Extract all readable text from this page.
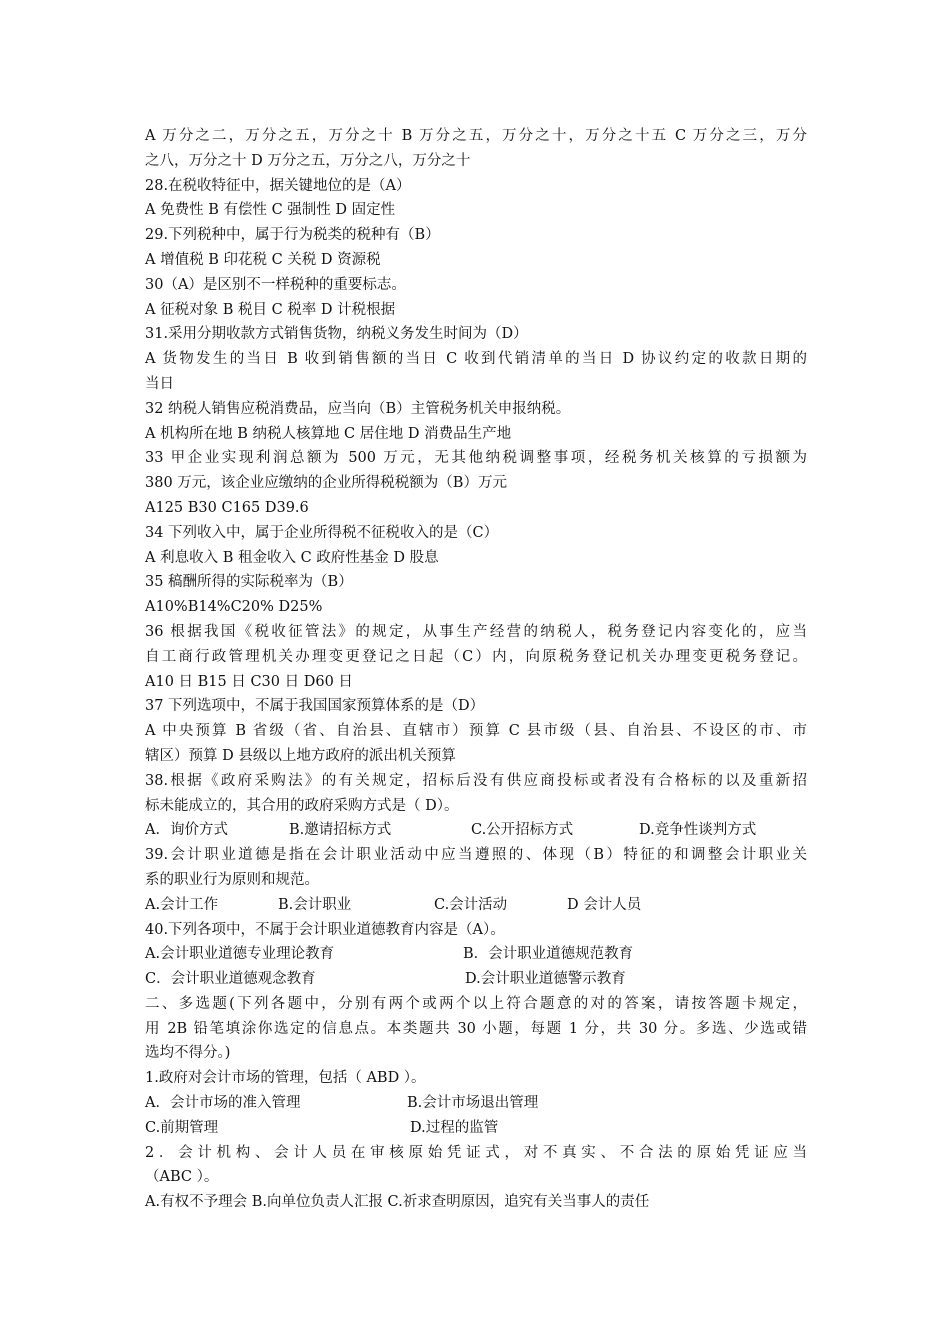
A 万分之二，万分之五，万分之十 B 万分之五，万分之十，万分之十五 C 万分之三，万分
之八，万分之十 D 万分之五，万分之八，万分之十
28.在税收特征中，据关键地位的是（A）
A 免费性 B 有偿性 C 强制性 D 固定性
29.下列税种中，属于行为税类的税种有（B）
A 增值税 B 印花税 C 关税 D 资源税
30（A）是区别不一样税种的重要标志。
A 征税对象 B 税目 C 税率 D 计税根据
31.采用分期收款方式销售货物，纳税义务发生时间为（D）
A 货物发生的当日 B 收到销售额的当日 C 收到代销清单的当日 D 协议约定的收款日期的
当日
32 纳税人销售应税消费品，应当向（B）主管税务机关申报纳税。
A 机构所在地 B 纳税人核算地 C 居住地 D 消费品生产地
33 甲企业实现利润总额为 500 万元，无其他纳税调整事项，经税务机关核算的亏损额为
380 万元，该企业应缴纳的企业所得税税额为（B）万元
A125 B30 C165 D39.6
34 下列收入中，属于企业所得税不征税收入的是（C）
A 利息收入 B 租金收入 C 政府性基金 D 股息
35 稿酬所得的实际税率为（B）
A10%B14%C20% D25%
36 根据我国《税收征管法》的规定，从事生产经营的纳税人，税务登记内容变化的，应当
自工商行政管理机关办理变更登记之日起（C）内，向原税务登记机关办理变更税务登记。
A10 日 B15 日 C30 日 D60 日
37 下列选项中，不属于我国国家预算体系的是（D）
A 中央预算 B 省级（省、自治县、直辖市）预算 C 县市级（县、自治县、不设区的市、市
辖区）预算 D 县级以上地方政府的派出机关预算
38.根据《政府采购法》的有关规定，招标后没有供应商投标或者没有合格标的以及重新招
标未能成立的，其合用的政府采购方式是（ D）。
A．询价方式	B.邀请招标方式	C.公开招标方式	D.竞争性谈判方式
39.会计职业道德是指在会计职业活动中应当遵照的、体现（B）特征的和调整会计职业关
系的职业行为原则和规范。
A.会计工作	B.会计职业	C.会计活动	D 会计人员
40.下列各项中，不属于会计职业道德教育内容是（A）。
A.会计职业道德专业理论教育	B．会计职业道德规范教育
C．会计职业道德观念教育	D.会计职业道德警示教育
二、多选题(下列各题中，分别有两个或两个以上符合题意的对的答案，请按答题卡规定，
用 2B 铅笔填涂你选定的信息点。本类题共 30 小题，每题 1 分，共 30 分。多选、少选或错
选均不得分。)
1.政府对会计市场的管理，包括（ ABD ）。
A．会计市场的准入管理	B.会计市场退出管理
C.前期管理	D.过程的监管
2．会计机构、会计人员在审核原始凭证式，对不真实、不合法的原始凭证应当
（ABC ）。
A.有权不予理会 B.向单位负责人汇报 C.祈求查明原因，追究有关当事人的责任
